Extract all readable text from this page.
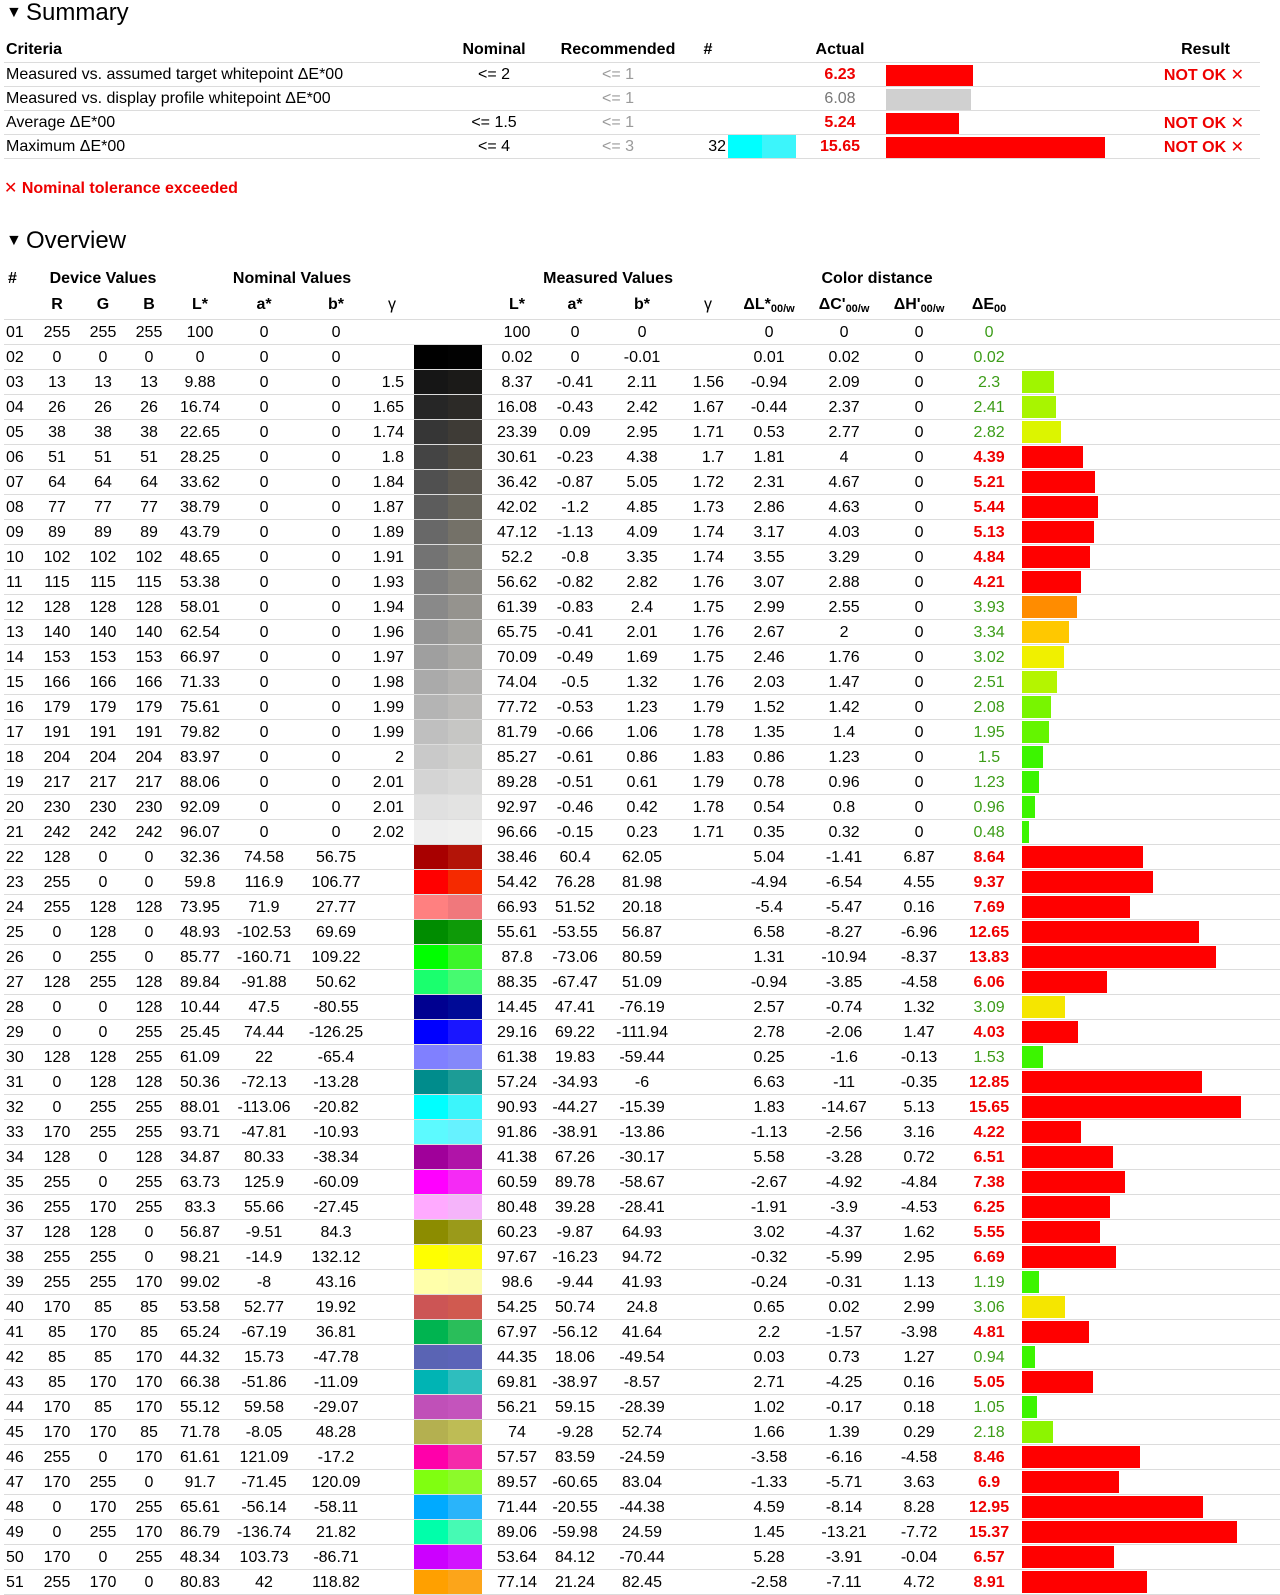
▼ Summary
Criteria	Nominal	Recommended	#		Actual		Result
Measured vs. assumed target whitepoint ΔE*00	<= 2	<= 1			6.23		NOT OK ✕
Measured vs. display profile whitepoint ΔE*00		<= 1			6.08	

Average ΔE*00	<= 1.5	<= 1			5.24		NOT OK ✕
Maximum ΔE*00	<= 4	<= 3	32		15.65		NOT OK ✕
✕ Nominal tolerance exceeded
▼ Overview
#	Device Values			Nominal Values					Measured Values				Color distance				
	R	G	B	L*	a*	b*	γ		L*	a*	b*	γ	$\Delta L*_{00/w}$	$\Delta C'_{00/w}$	$\Delta H'_{00/w}$	$\Delta E_{00}$	
01	255	255	255	100	0	0			100	0	0		0	0	0	0	
02	0	0	0	0	0	0			0.02	0	-0.01		0.01	0.02	0	0.02	

03	13	13	13	9.88	0	0	1.5		8.37	-0.41	2.11	1.56	-0.94	2.09	0	2.3	

04	26	26	26	16.74	0	0	1.65		16.08	-0.43	2.42	1.67	-0.44	2.37	0	2.41	

05	38	38	38	22.65	0	0	1.74		23.39	0.09	2.95	1.71	0.53	2.77	0	2.82	

06	51	51	51	28.25	0	0	1.8		30.61	-0.23	4.38	1.7	1.81	4	0	4.39	

07	64	64	64	33.62	0	0	1.84		36.42	-0.87	5.05	1.72	2.31	4.67	0	5.21	

08	77	77	77	38.79	0	0	1.87		42.02	-1.2	4.85	1.73	2.86	4.63	0	5.44	

09	89	89	89	43.79	0	0	1.89		47.12	-1.13	4.09	1.74	3.17	4.03	0	5.13	

10	102	102	102	48.65	0	0	1.91		52.2	-0.8	3.35	1.74	3.55	3.29	0	4.84	

11	115	115	115	53.38	0	0	1.93		56.62	-0.82	2.82	1.76	3.07	2.88	0	4.21	

12	128	128	128	58.01	0	0	1.94		61.39	-0.83	2.4	1.75	2.99	2.55	0	3.93	

13	140	140	140	62.54	0	0	1.96		65.75	-0.41	2.01	1.76	2.67	2	0	3.34	

14	153	153	153	66.97	0	0	1.97		70.09	-0.49	1.69	1.75	2.46	1.76	0	3.02	

15	166	166	166	71.33	0	0	1.98		74.04	-0.5	1.32	1.76	2.03	1.47	0	2.51	

16	179	179	179	75.61	0	0	1.99		77.72	-0.53	1.23	1.79	1.52	1.42	0	2.08	

17	191	191	191	79.82	0	0	1.99		81.79	-0.66	1.06	1.78	1.35	1.4	0	1.95	

18	204	204	204	83.97	0	0	2		85.27	-0.61	0.86	1.83	0.86	1.23	0	1.5	

19	217	217	217	88.06	0	0	2.01		89.28	-0.51	0.61	1.79	0.78	0.96	0	1.23	

20	230	230	230	92.09	0	0	2.01		92.97	-0.46	0.42	1.78	0.54	0.8	0	0.96	

21	242	242	242	96.07	0	0	2.02		96.66	-0.15	0.23	1.71	0.35	0.32	0	0.48	

22	128	0	0	32.36	74.58	56.75			38.46	60.4	62.05		5.04	-1.41	6.87	8.64	

23	255	0	0	59.8	116.9	106.77			54.42	76.28	81.98		-4.94	-6.54	4.55	9.37	

24	255	128	128	73.95	71.9	27.77			66.93	51.52	20.18		-5.4	-5.47	0.16	7.69	

25	0	128	0	48.93	-102.53	69.69			55.61	-53.55	56.87		6.58	-8.27	-6.96	12.65	

26	0	255	0	85.77	-160.71	109.22			87.8	-73.06	80.59		1.31	-10.94	-8.37	13.83	

27	128	255	128	89.84	-91.88	50.62			88.35	-67.47	51.09		-0.94	-3.85	-4.58	6.06	

28	0	0	128	10.44	47.5	-80.55			14.45	47.41	-76.19		2.57	-0.74	1.32	3.09	

29	0	0	255	25.45	74.44	-126.25			29.16	69.22	-111.94		2.78	-2.06	1.47	4.03	

30	128	128	255	61.09	22	-65.4			61.38	19.83	-59.44		0.25	-1.6	-0.13	1.53	

31	0	128	128	50.36	-72.13	-13.28			57.24	-34.93	-6		6.63	-11	-0.35	12.85	

32	0	255	255	88.01	-113.06	-20.82			90.93	-44.27	-15.39		1.83	-14.67	5.13	15.65	

33	170	255	255	93.71	-47.81	-10.93			91.86	-38.91	-13.86		-1.13	-2.56	3.16	4.22	

34	128	0	128	34.87	80.33	-38.34			41.38	67.26	-30.17		5.58	-3.28	0.72	6.51	

35	255	0	255	63.73	125.9	-60.09			60.59	89.78	-58.67		-2.67	-4.92	-4.84	7.38	

36	255	170	255	83.3	55.66	-27.45			80.48	39.28	-28.41		-1.91	-3.9	-4.53	6.25	

37	128	128	0	56.87	-9.51	84.3			60.23	-9.87	64.93		3.02	-4.37	1.62	5.55	

38	255	255	0	98.21	-14.9	132.12			97.67	-16.23	94.72		-0.32	-5.99	2.95	6.69	

39	255	255	170	99.02	-8	43.16			98.6	-9.44	41.93		-0.24	-0.31	1.13	1.19	

40	170	85	85	53.58	52.77	19.92			54.25	50.74	24.8		0.65	0.02	2.99	3.06	

41	85	170	85	65.24	-67.19	36.81			67.97	-56.12	41.64		2.2	-1.57	-3.98	4.81	

42	85	85	170	44.32	15.73	-47.78			44.35	18.06	-49.54		0.03	0.73	1.27	0.94	

43	85	170	170	66.38	-51.86	-11.09			69.81	-38.97	-8.57		2.71	-4.25	0.16	5.05	

44	170	85	170	55.12	59.58	-29.07			56.21	59.15	-28.39		1.02	-0.17	0.18	1.05	

45	170	170	85	71.78	-8.05	48.28			74	-9.28	52.74		1.66	1.39	0.29	2.18	

46	255	0	170	61.61	121.09	-17.2			57.57	83.59	-24.59		-3.58	-6.16	-4.58	8.46	

47	170	255	0	91.7	-71.45	120.09			89.57	-60.65	83.04		-1.33	-5.71	3.63	6.9	

48	0	170	255	65.61	-56.14	-58.11			71.44	-20.55	-44.38		4.59	-8.14	8.28	12.95	

49	0	255	170	86.79	-136.74	21.82			89.06	-59.98	24.59		1.45	-13.21	-7.72	15.37	

50	170	0	255	48.34	103.73	-86.71			53.64	84.12	-70.44		5.28	-3.91	-0.04	6.57	

51	255	170	0	80.83	42	118.82			77.14	21.24	82.45		-2.58	-7.11	4.72	8.91	
